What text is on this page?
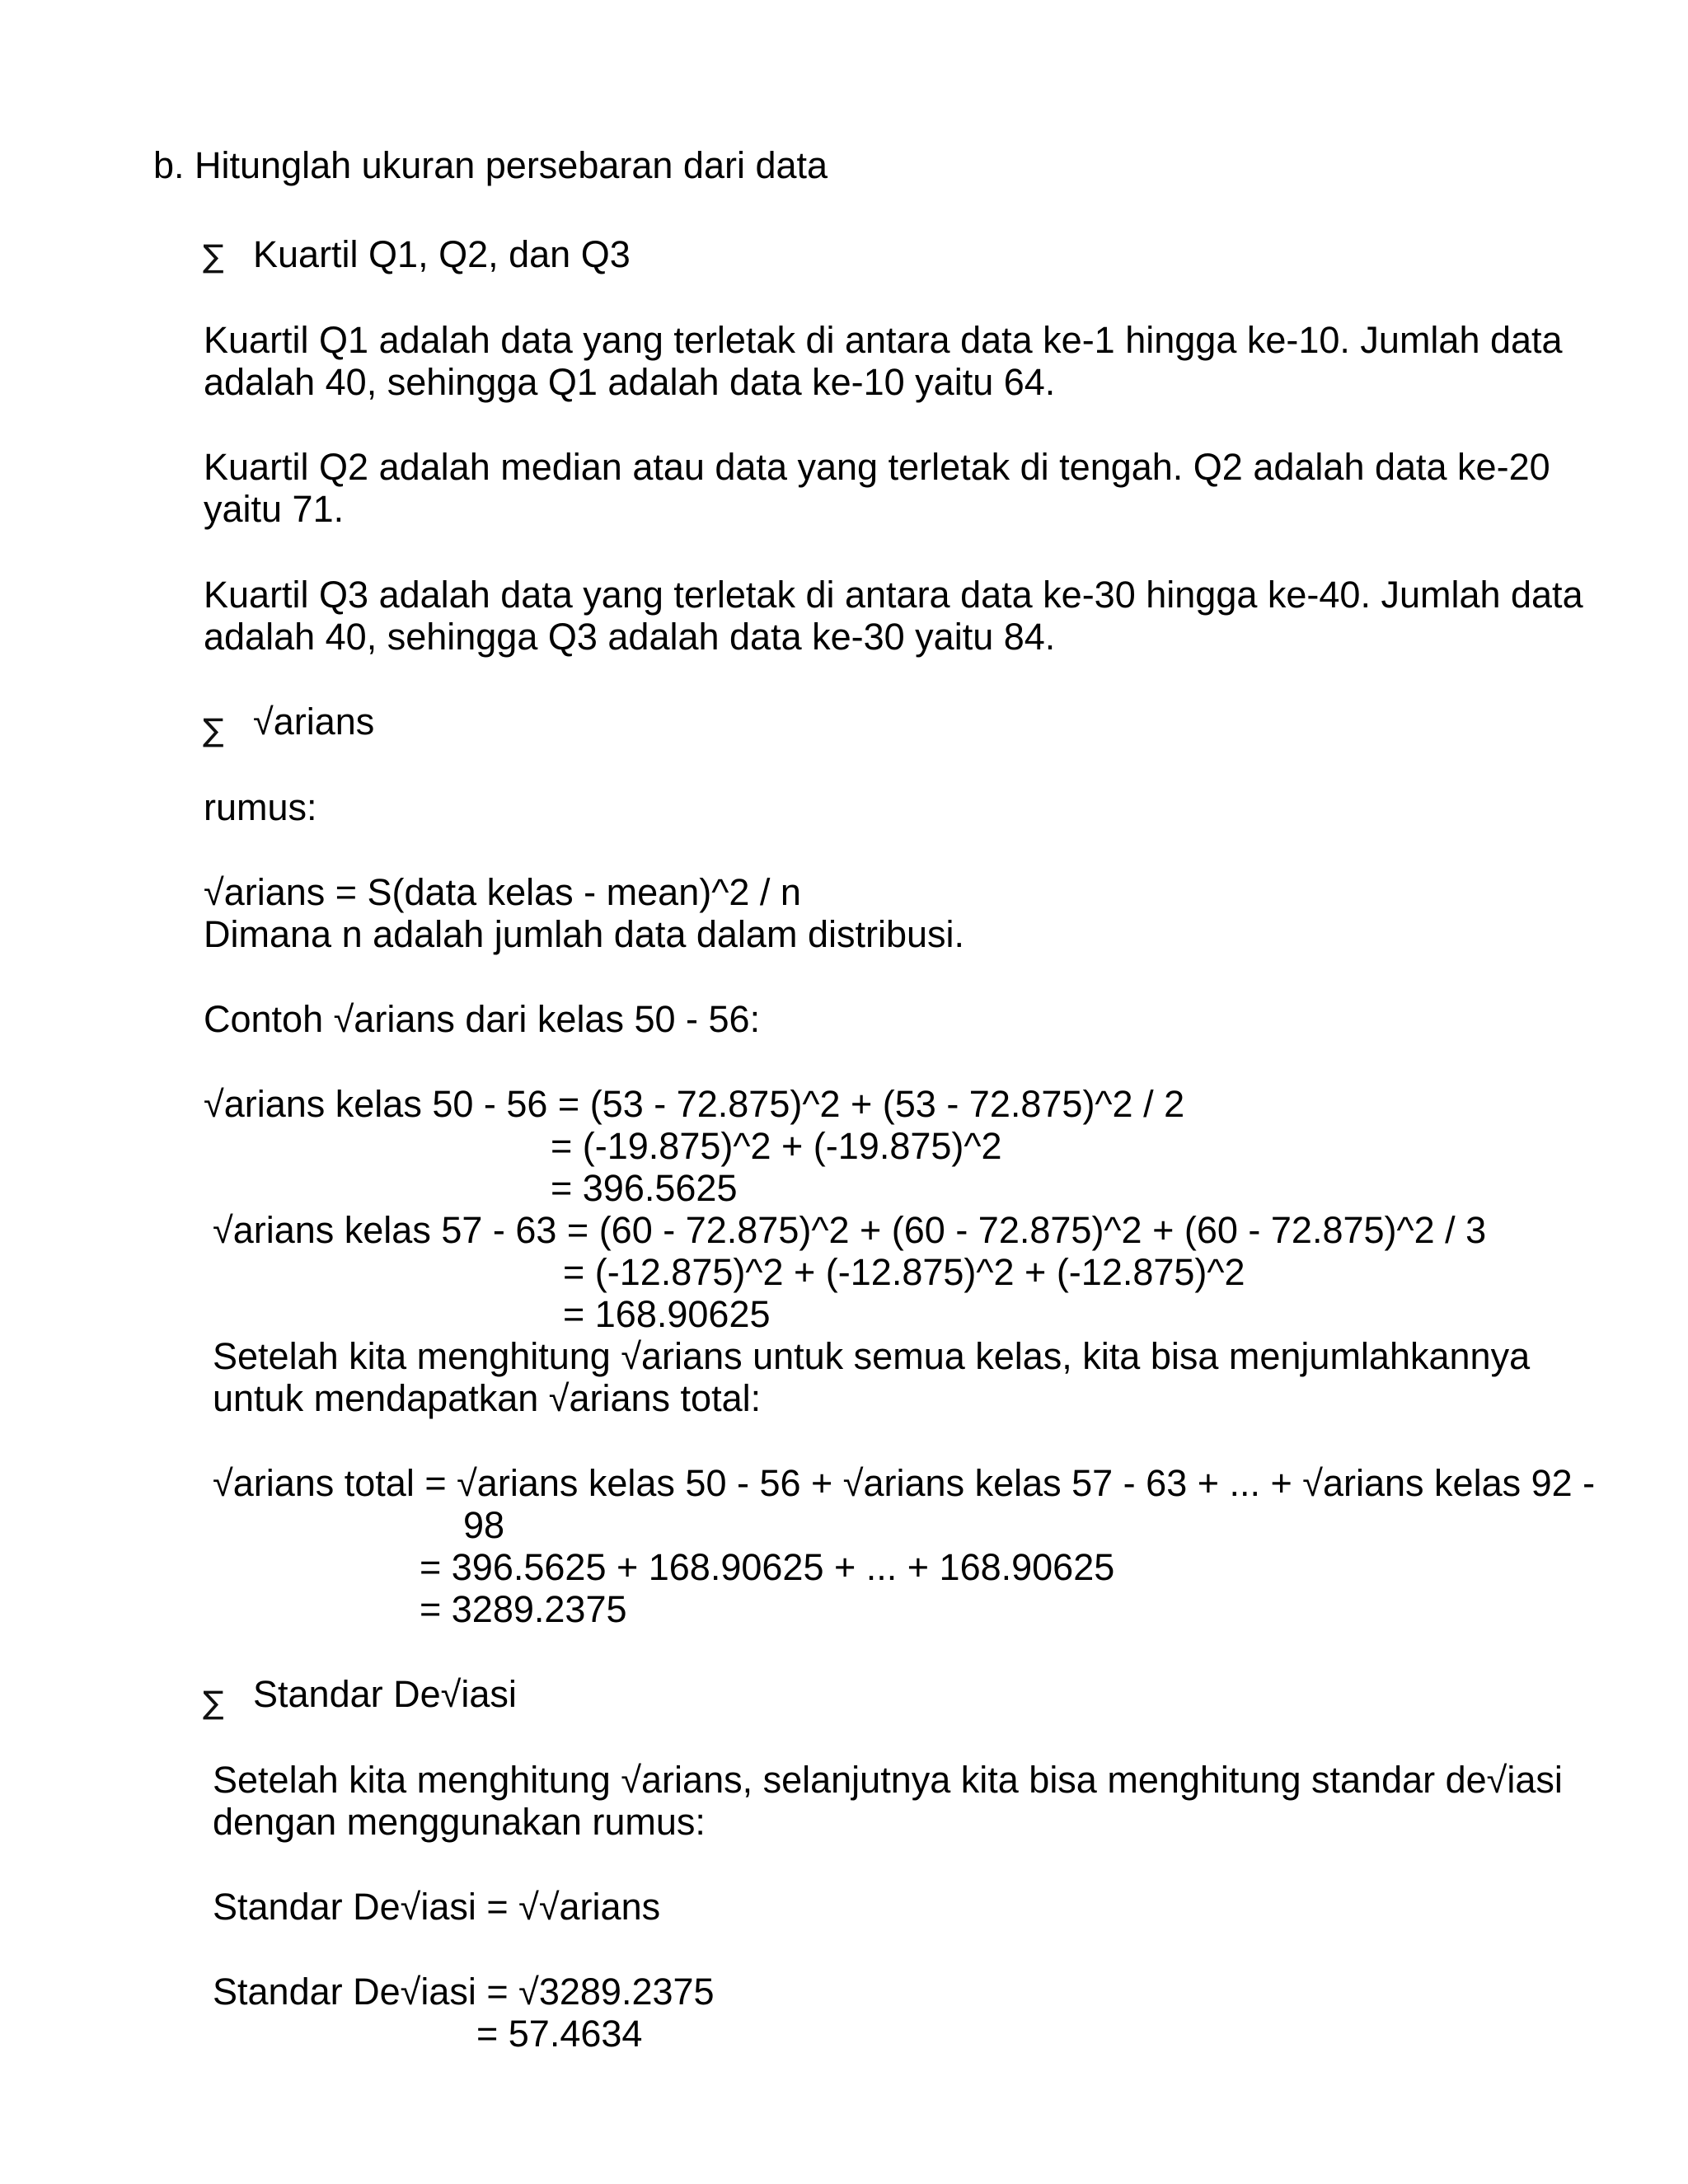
b. Hitunglah ukuran persebaran dari data

∑ Kuartil Q1, Q2, dan Q3

Kuartil Q1 adalah data yang terletak di antara data ke-1 hingga ke-10. Jumlah data

adalah 40, sehingga Q1 adalah data ke-10 yaitu 64.

Kuartil Q2 adalah median atau data yang terletak di tengah. Q2 adalah data ke-20

yaitu 71.

Kuartil Q3 adalah data yang terletak di antara data ke-30 hingga ke-40. Jumlah data

adalah 40, sehingga Q3 adalah data ke-30 yaitu 84.

∑ √arians

rumus:

√arians = S(data kelas - mean)^2 / n

Dimana n adalah jumlah data dalam distribusi.

Contoh √arians dari kelas 50 - 56:

√arians kelas 50 - 56 = (53 - 72.875)^2 + (53 - 72.875)^2 / 2

= (-19.875)^2 + (-19.875)^2

= 396.5625

√arians kelas 57 - 63 = (60 - 72.875)^2 + (60 - 72.875)^2 + (60 - 72.875)^2 / 3

= (-12.875)^2 + (-12.875)^2 + (-12.875)^2

= 168.90625

Setelah kita menghitung √arians untuk semua kelas, kita bisa menjumlahkannya

untuk mendapatkan √arians total:

√arians total = √arians kelas 50 - 56 + √arians kelas 57 - 63 + ... + √arians kelas 92 -

98

= 396.5625 + 168.90625 + ... + 168.90625

= 3289.2375

∑ Standar De√iasi

Setelah kita menghitung √arians, selanjutnya kita bisa menghitung standar de√iasi

dengan menggunakan rumus:

Standar De√iasi = √√arians

Standar De√iasi = √3289.2375

= 57.4634
